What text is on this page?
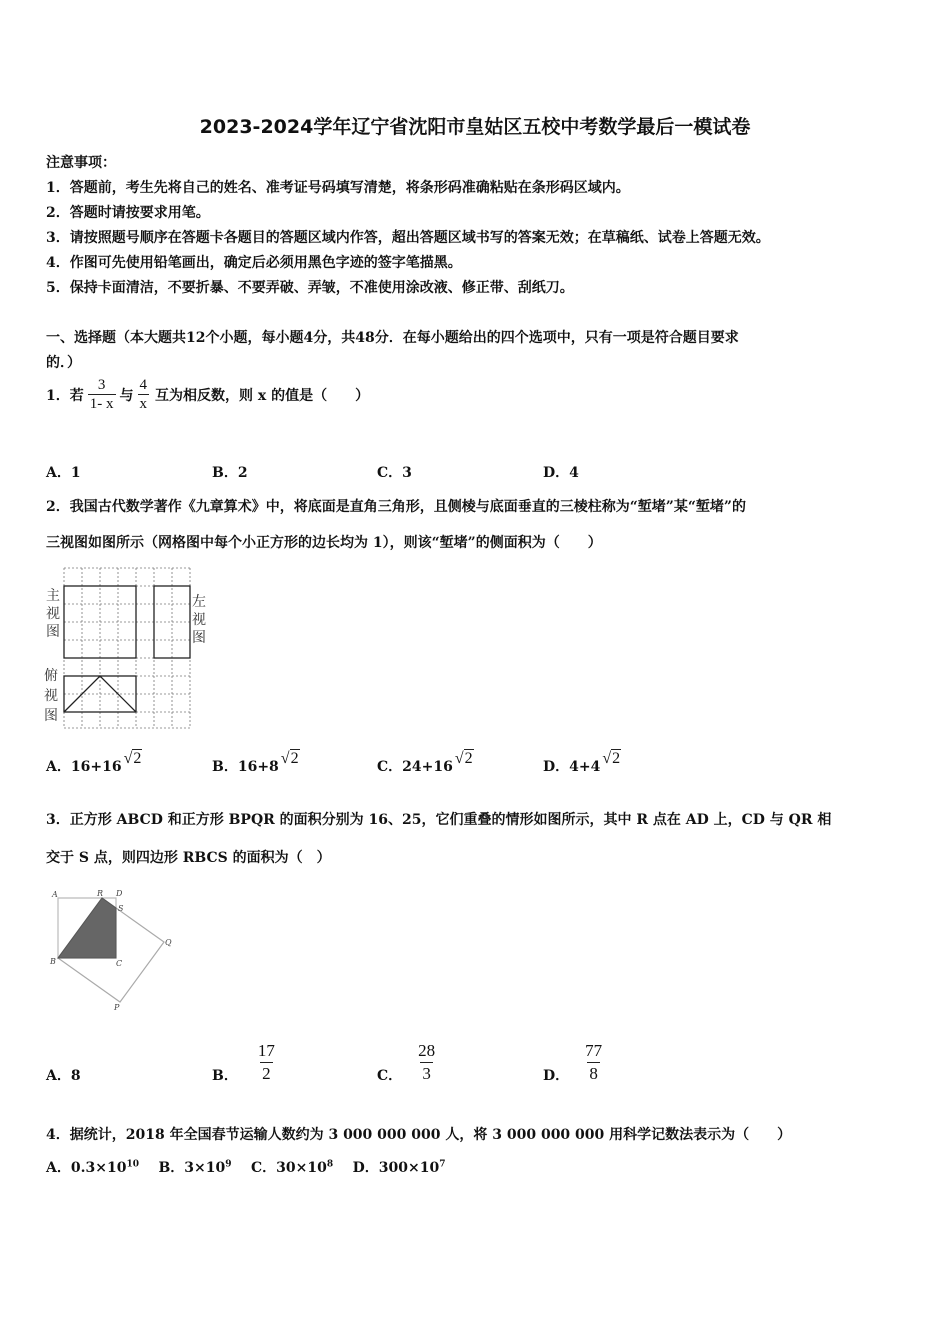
2023-2024学年辽宁省沈阳市皇姑区五校中考数学最后一模试卷
注意事项：
1．答题前，考生先将自己的姓名、准考证号码填写清楚，将条形码准确粘贴在条形码区域内。
2．答题时请按要求用笔。
3．请按照题号顺序在答题卡各题目的答题区域内作答，超出答题区域书写的答案无效；在草稿纸、试卷上答题无效。
4．作图可先使用铅笔画出，确定后必须用黑色字迹的签字笔描黑。
5．保持卡面清洁，不要折暴、不要弄破、弄皱，不准使用涂改液、修正带、刮纸刀。
一、选择题（本大题共12个小题，每小题4分，共48分．在每小题给出的四个选项中，只有一项是符合题目要求
的．）
1．若 $\frac{3}{1- x}$ 与 $\frac{4}{x}$ 互为相反数，则 x 的值是（　　）
A．1	B．2	C．3	D．4
2．我国古代数学著作《九章算术》中，将底面是直角三角形，且侧棱与底面垂直的三棱柱称为“堑堵”某“堑堵”的
三视图如图所示（网格图中每个小正方形的边长均为 1），则该“堑堵”的侧面积为（　　）
主
视
图
左
视
图
俯
视
图
A．16+16 √2	B．16+8 √2	C．24+16 √2	D．4+4 √2
3．正方形 ABCD 和正方形 BPQR 的面积分别为 16、25，它们重叠的情形如图所示，其中 R 点在 AD 上，CD 与 QR 相
交于 S 点，则四边形 RBCS 的面积为（　）
A	R D
S
Q
B	C
P
A．8	B． $\frac{17}{2}$	C． $\frac{28}{3}$	D． $\frac{77}{8}$
4．据统计，2018 年全国春节运输人数约为 3 000 000 000 人，将 3 000 000 000 用科学记数法表示为（　　）
A．$0.3\times 10^{10}$ B．$3\times 10^9$ C．$30\times 10^8$ D．$300\times 10^7$
